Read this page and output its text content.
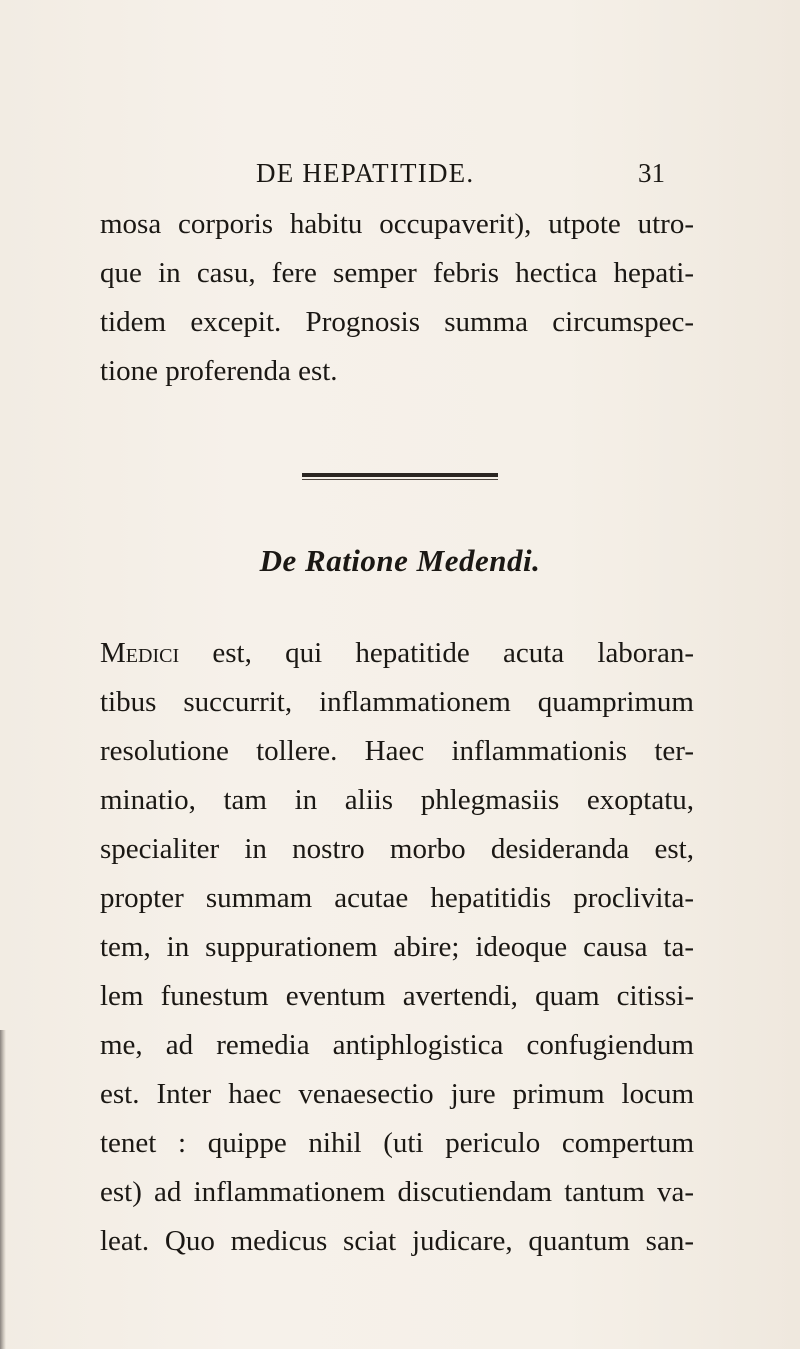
DE HEPATITIDE.	31
mosa corporis habitu occupaverit), utpote utro-
que in casu, fere semper febris hectica hepati-
tidem excepit. Prognosis summa circumspec-
tione proferenda est.
De Ratione Medendi.
Medici est, qui hepatitide acuta laboran-
tibus succurrit, inflammationem quamprimum
resolutione tollere. Haec inflammationis ter-
minatio, tam in aliis phlegmasiis exoptatu,
specialiter in nostro morbo desideranda est,
propter summam acutae hepatitidis proclivita-
tem, in suppurationem abire; ideoque causa ta-
lem funestum eventum avertendi, quam citissi-
me, ad remedia antiphlogistica confugiendum
est. Inter haec venaesectio jure primum locum
tenet : quippe nihil (uti periculo compertum
est) ad inflammationem discutiendam tantum va-
leat. Quo medicus sciat judicare, quantum san-
